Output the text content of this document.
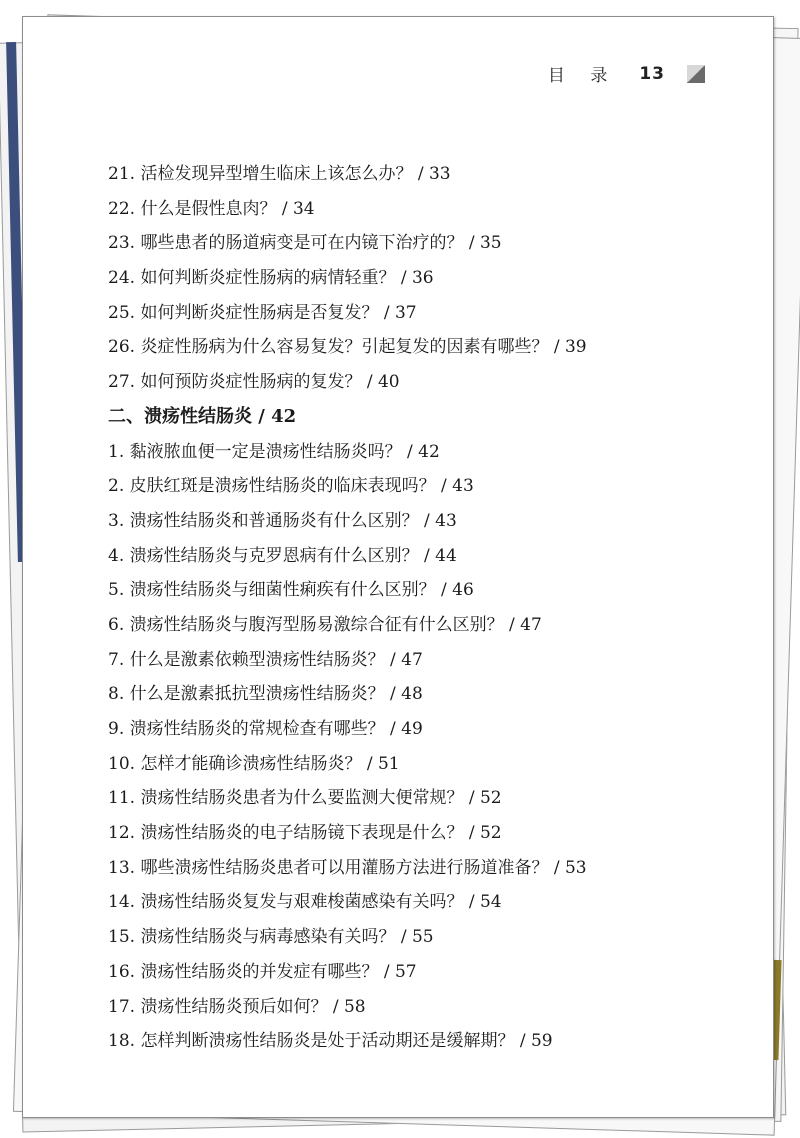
目 录 13
21. 活检发现异型增生临床上该怎么办？ / 33
22. 什么是假性息肉？ / 34
23. 哪些患者的肠道病变是可在内镜下治疗的？ / 35
24. 如何判断炎症性肠病的病情轻重？ / 36
25. 如何判断炎症性肠病是否复发？ / 37
26. 炎症性肠病为什么容易复发？引起复发的因素有哪些？ / 39
27. 如何预防炎症性肠病的复发？ / 40
二、溃疡性结肠炎 / 42
1. 黏液脓血便一定是溃疡性结肠炎吗？ / 42
2. 皮肤红斑是溃疡性结肠炎的临床表现吗？ / 43
3. 溃疡性结肠炎和普通肠炎有什么区别？ / 43
4. 溃疡性结肠炎与克罗恩病有什么区别？ / 44
5. 溃疡性结肠炎与细菌性痢疾有什么区别？ / 46
6. 溃疡性结肠炎与腹泻型肠易激综合征有什么区别？ / 47
7. 什么是激素依赖型溃疡性结肠炎？ / 47
8. 什么是激素抵抗型溃疡性结肠炎？ / 48
9. 溃疡性结肠炎的常规检查有哪些？ / 49
10. 怎样才能确诊溃疡性结肠炎？ / 51
11. 溃疡性结肠炎患者为什么要监测大便常规？ / 52
12. 溃疡性结肠炎的电子结肠镜下表现是什么？ / 52
13. 哪些溃疡性结肠炎患者可以用灌肠方法进行肠道准备？ / 53
14. 溃疡性结肠炎复发与艰难梭菌感染有关吗？ / 54
15. 溃疡性结肠炎与病毒感染有关吗？ / 55
16. 溃疡性结肠炎的并发症有哪些？ / 57
17. 溃疡性结肠炎预后如何？ / 58
18. 怎样判断溃疡性结肠炎是处于活动期还是缓解期？ / 59
